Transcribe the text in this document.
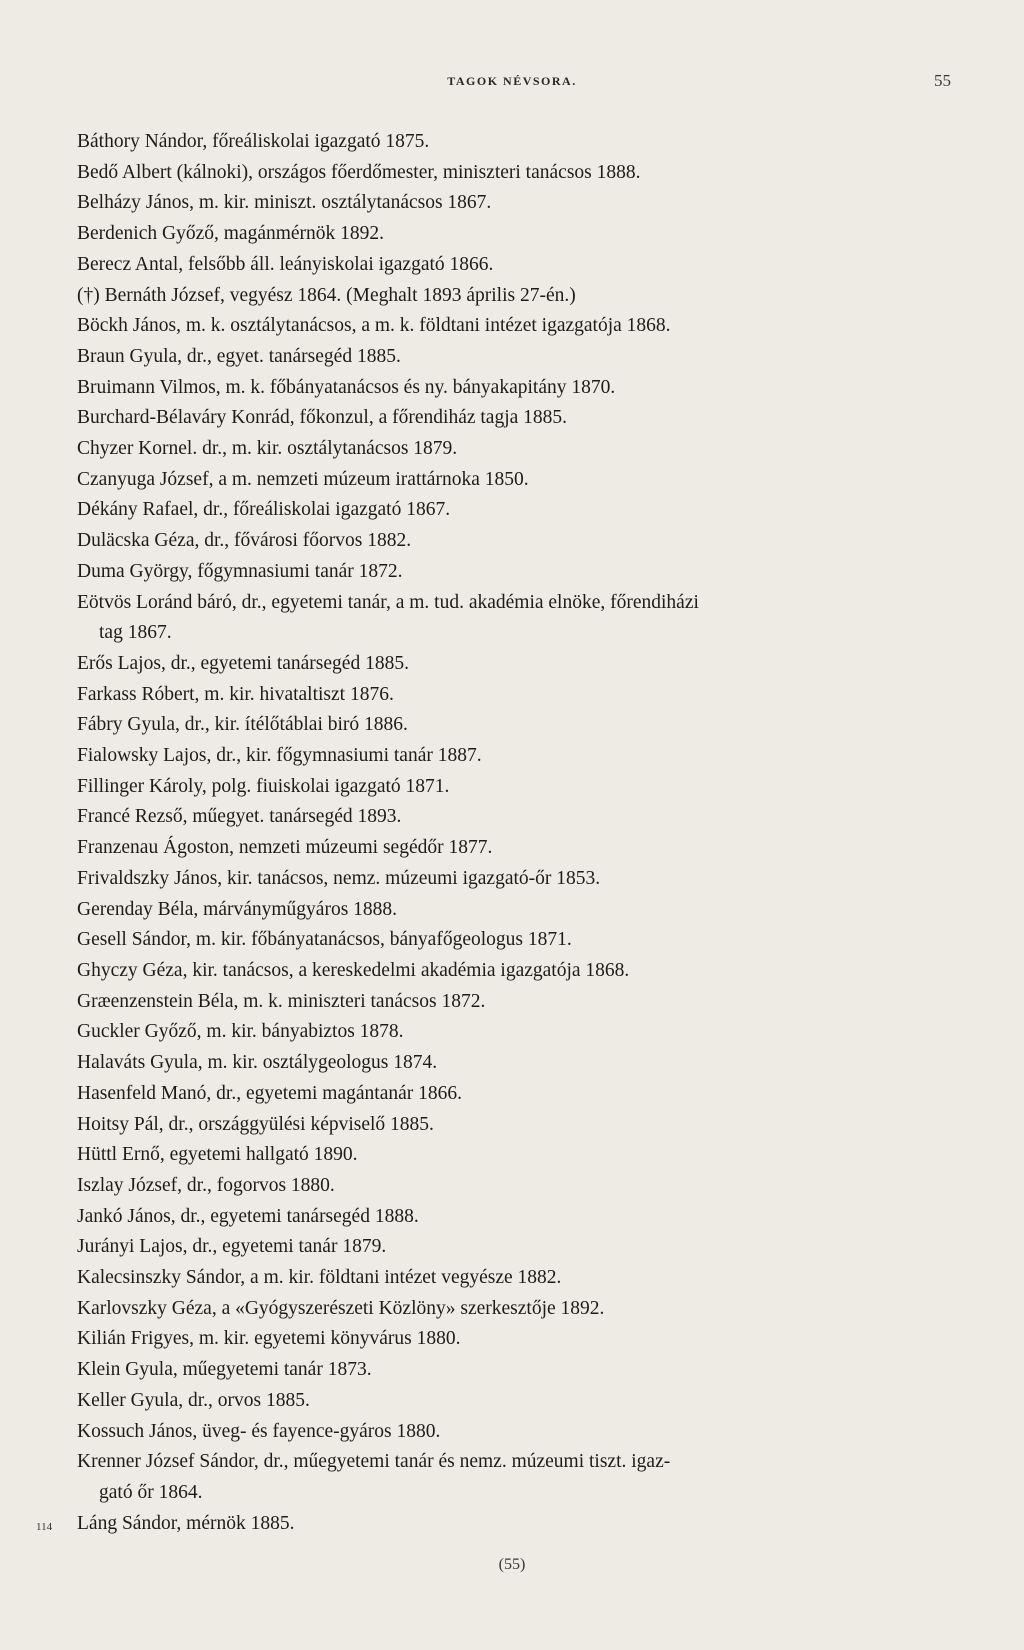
TAGOK NÉVSORA.	55
Báthory Nándor, főreáliskolai igazgató 1875.
Bedő Albert (kálnoki), országos főerdőmester, miniszteri tanácsos 1888.
Belházy János, m. kir. miniszt. osztálytanácsos 1867.
Berdenich Győző, magánmérnök 1892.
Berecz Antal, felsőbb áll. leányiskolai igazgató 1866.
(†) Bernáth József, vegyész 1864. (Meghalt 1893 április 27-én.)
Böckh János, m. k. osztálytanácsos, a m. k. földtani intézet igazgatója 1868.
Braun Gyula, dr., egyet. tanársegéd 1885.
Bruimann Vilmos, m. k. főbányatanácsos és ny. bányakapitány 1870.
Burchard-Bélaváry Konrád, főkonzul, a főrendiház tagja 1885.
Chyzer Kornel. dr., m. kir. osztálytanácsos 1879.
Czanyuga József, a m. nemzeti múzeum irattárnoka 1850.
Dékány Rafael, dr., főreáliskolai igazgató 1867.
Duläcska Géza, dr., fővárosi főorvos 1882.
Duma György, főgymnasiumi tanár 1872.
Eötvös Loránd báró, dr., egyetemi tanár, a m. tud. akadémia elnöke, főrendiházi
tag 1867.
Erős Lajos, dr., egyetemi tanársegéd 1885.
Farkass Róbert, m. kir. hivataltiszt 1876.
Fábry Gyula, dr., kir. ítélőtáblai biró 1886.
Fialowsky Lajos, dr., kir. főgymnasiumi tanár 1887.
Fillinger Károly, polg. fiuiskolai igazgató 1871.
Francé Rezső, műegyet. tanársegéd 1893.
Franzenau Ágoston, nemzeti múzeumi segédőr 1877.
Frivaldszky János, kir. tanácsos, nemz. múzeumi igazgató-őr 1853.
Gerenday Béla, márványműgyáros 1888.
Gesell Sándor, m. kir. főbányatanácsos, bányafőgeologus 1871.
Ghyczy Géza, kir. tanácsos, a kereskedelmi akadémia igazgatója 1868.
Græenzenstein Béla, m. k. miniszteri tanácsos 1872.
Guckler Győző, m. kir. bányabiztos 1878.
Halaváts Gyula, m. kir. osztálygeologus 1874.
Hasenfeld Manó, dr., egyetemi magántanár 1866.
Hoitsy Pál, dr., országgyülési képviselő 1885.
Hüttl Ernő, egyetemi hallgató 1890.
Iszlay József, dr., fogorvos 1880.
Jankó János, dr., egyetemi tanársegéd 1888.
Jurányi Lajos, dr., egyetemi tanár 1879.
Kalecsinszky Sándor, a m. kir. földtani intézet vegyésze 1882.
Karlovszky Géza, a «Gyógyszerészeti Közlöny» szerkesztője 1892.
Kilián Frigyes, m. kir. egyetemi könyvárus 1880.
Klein Gyula, műegyetemi tanár 1873.
Keller Gyula, dr., orvos 1885.
Kossuch János, üveg- és fayence-gyáros 1880.
Krenner József Sándor, dr., műegyetemi tanár és nemz. múzeumi tiszt. igaz-
gató őr 1864.
Láng Sándor, mérnök 1885.
114
(55)
